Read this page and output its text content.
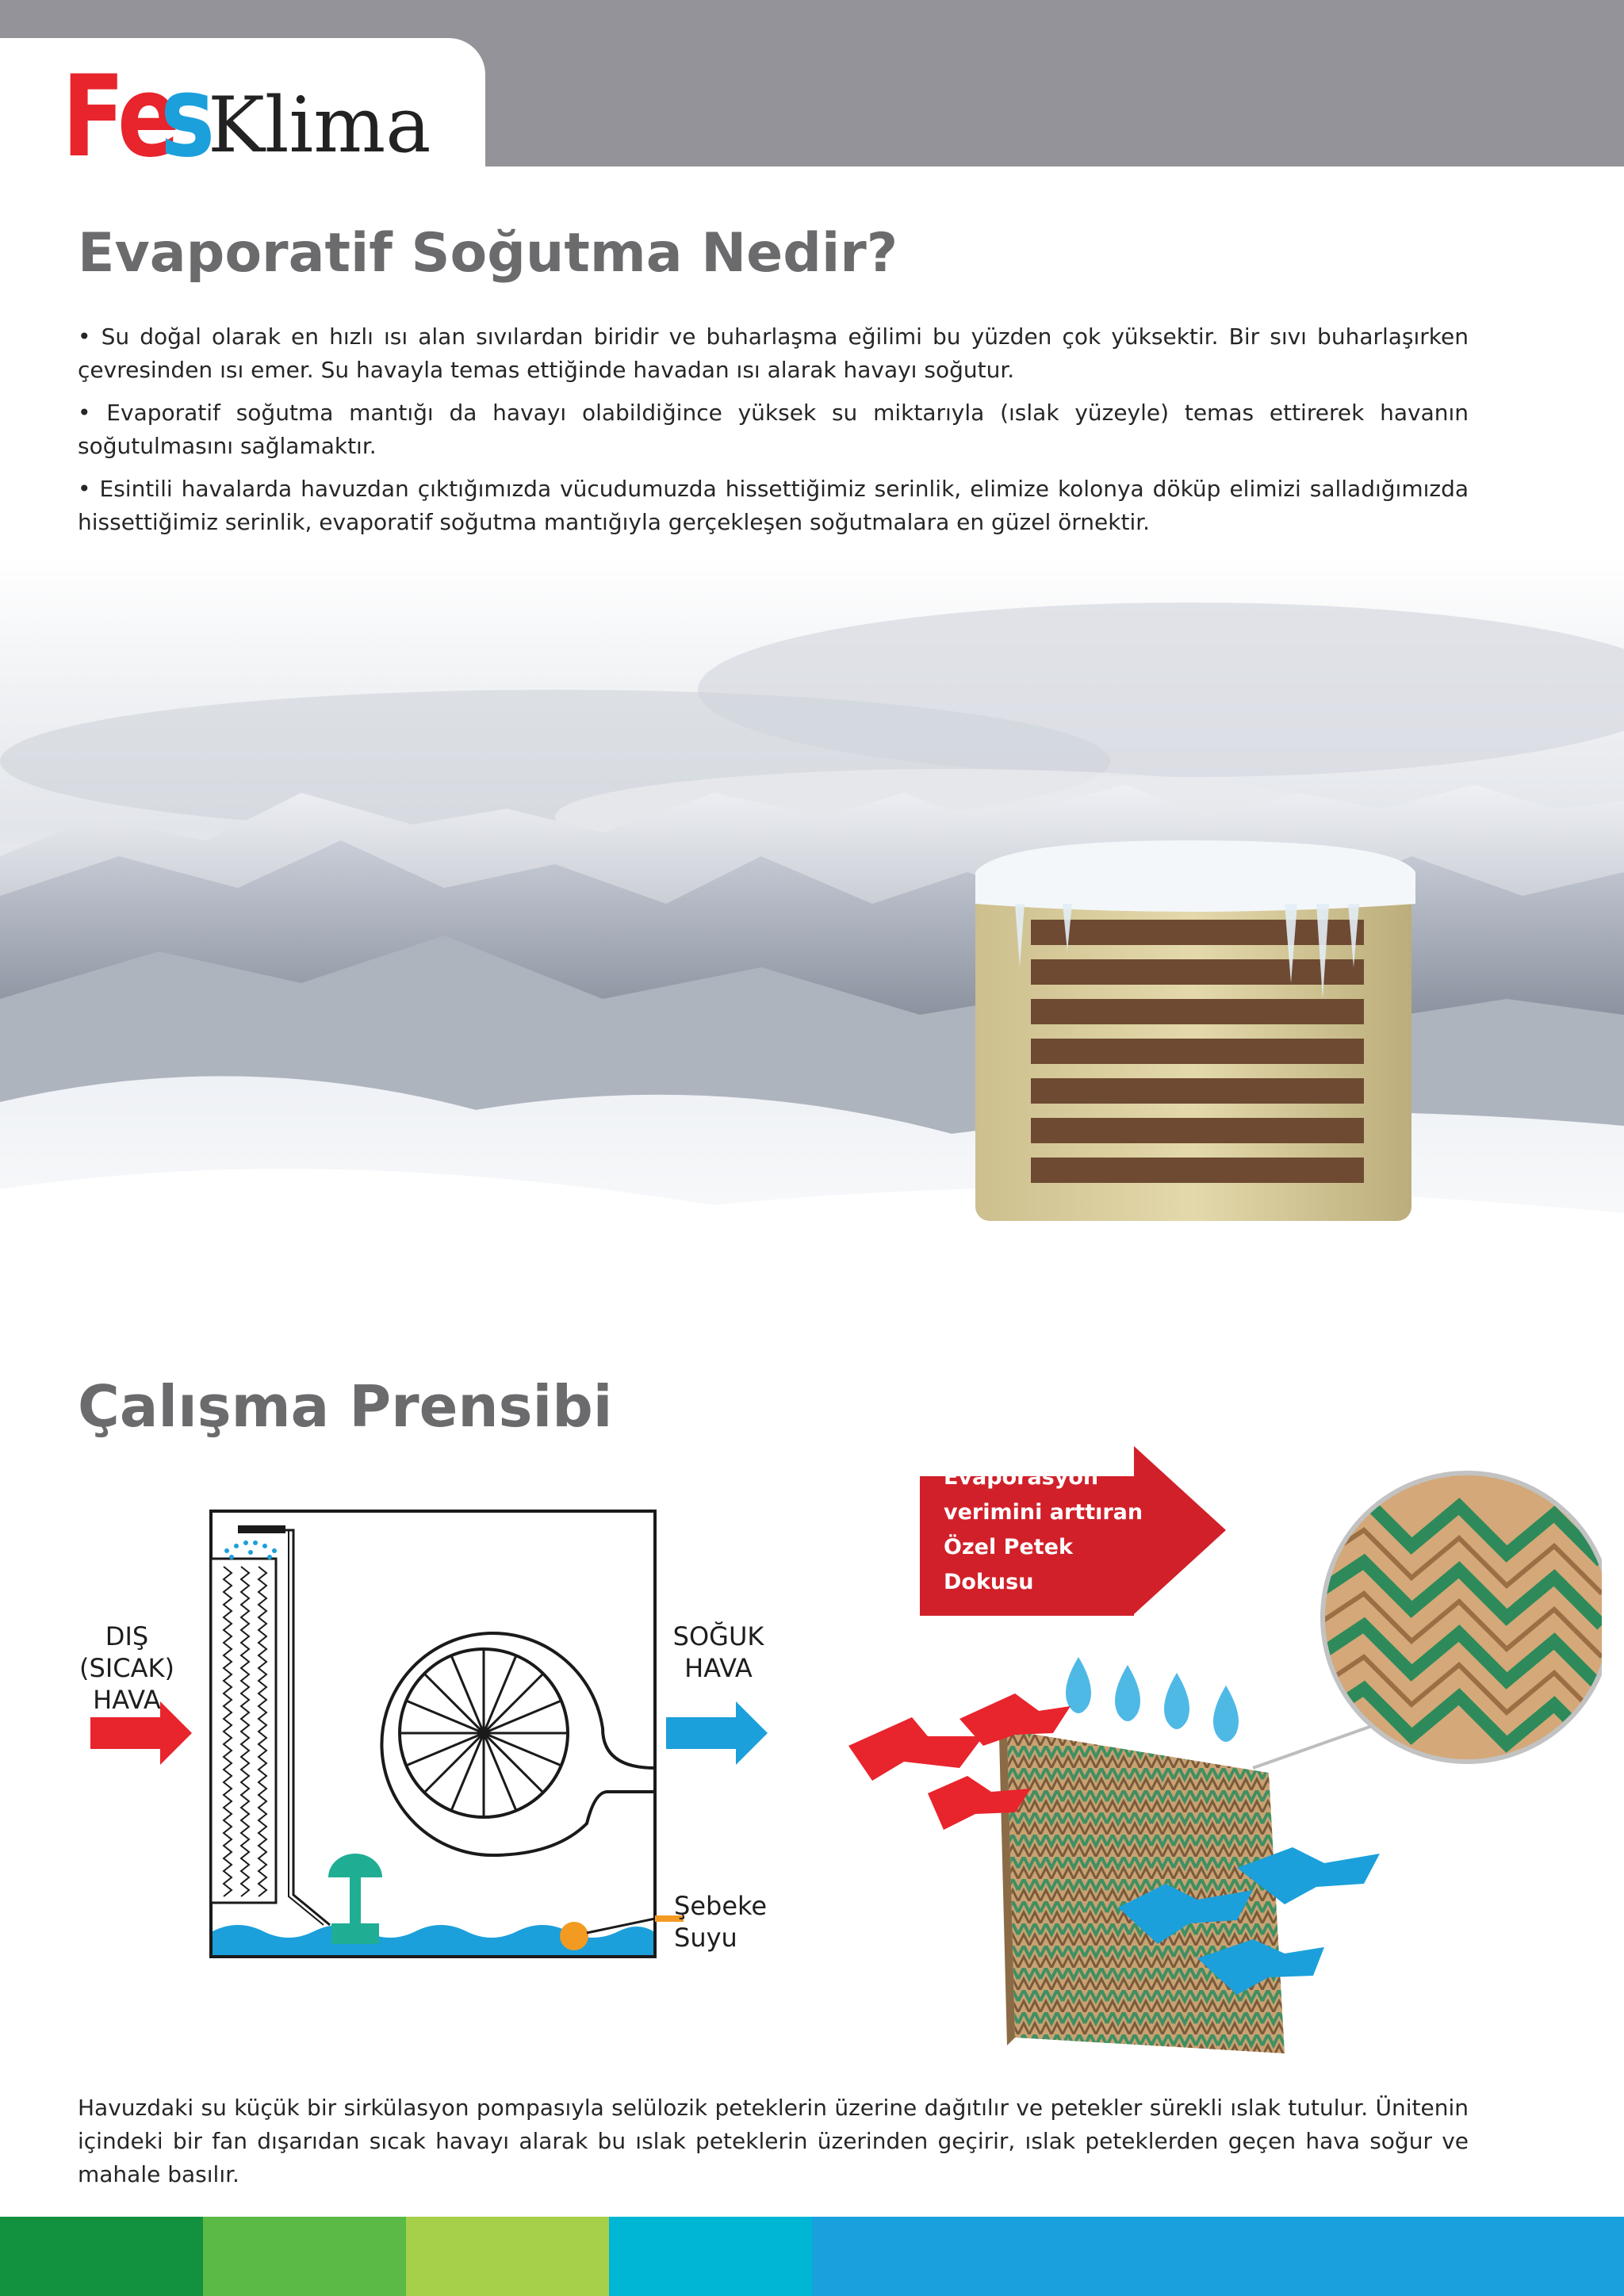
Fe
s
Klima
Evaporatif Soğutma Nedir?
• Su doğal olarak en hızlı ısı alan sıvılardan biridir ve buharlaşma eğilimi bu yüzden çok yüksektir. Bir sıvı buharlaşırken çevresinden ısı emer. Su havayla temas ettiğinde havadan ısı alarak havayı soğutur.
• Evaporatif soğutma mantığı da havayı olabildiğince yüksek su miktarıyla (ıslak yüzeyle) temas ettirerek havanın soğutulmasını sağlamaktır.
• Esintili havalarda havuzdan çıktığımızda vücudumuzda hissettiğimiz serinlik, elimize kolonya döküp elimizi salladığımızda hissettiğimiz serinlik, evaporatif soğutma mantığıyla gerçekleşen soğutmalara en güzel örnektir.
Çalışma Prensibi
DIŞ (SICAK)
HAVA
SOĞUK
HAVA
Şebeke
Suyu
Evaporasyon
verimini arttıran
Özel Petek Dokusu
Havuzdaki su küçük bir sirkülasyon pompasıyla selülozik peteklerin üzerine dağıtılır ve petekler sürekli ıslak tutulur. Ünitenin içindeki bir fan dışarıdan sıcak havayı alarak bu ıslak peteklerin üzerinden geçirir, ıslak peteklerden geçen hava soğur ve mahale basılır.
